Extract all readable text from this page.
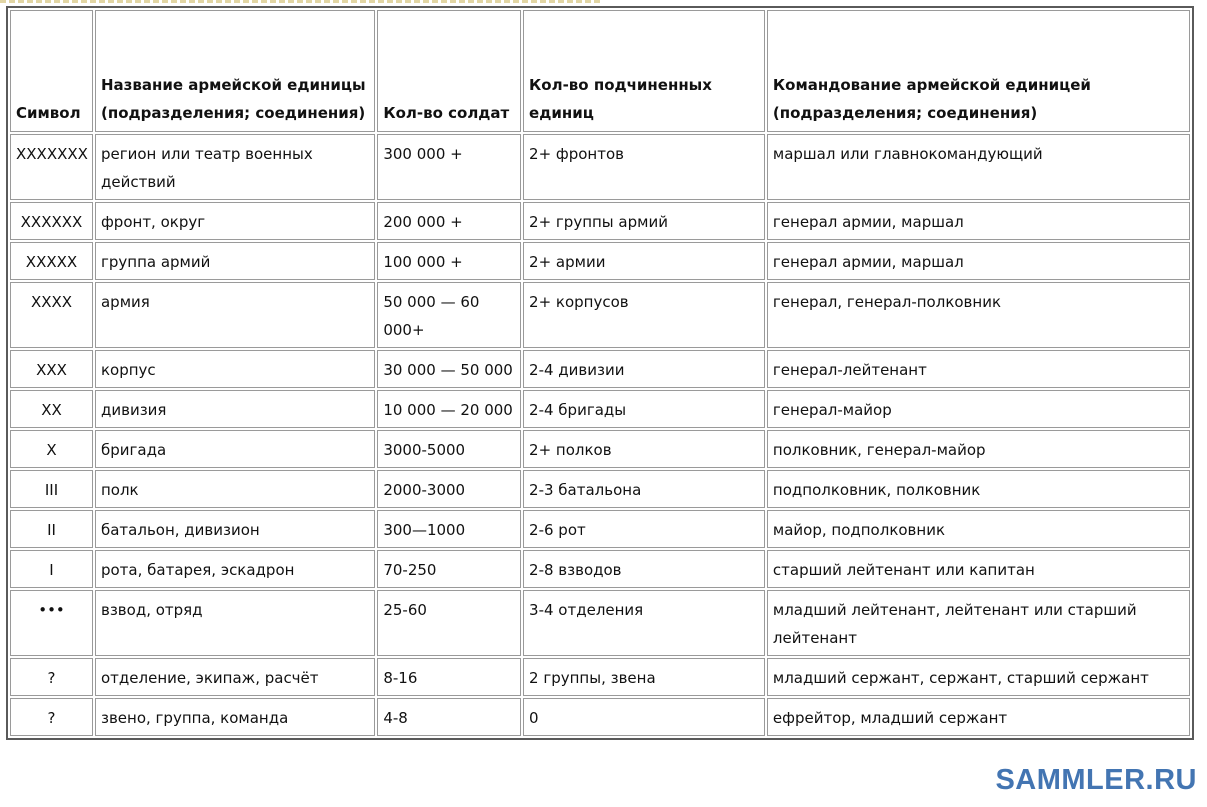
Символ	Название армейской единицы (подразделения; соединения)	Кол-во солдат	Кол-во подчиненных единиц	Командование армейской единицей (подразделения; соединения)
XXXXXXX	регион или театр военных действий	300 000 +	2+ фронтов	маршал или главнокомандующий
XXXXXX	фронт, округ	200 000 +	2+ группы армий	генерал армии, маршал
XXXXX	группа армий	100 000 +	2+ армии	генерал армии, маршал
XXXX	армия	50 000 — 60 000+	2+ корпусов	генерал, генерал-полковник
XXX	корпус	30 000 — 50 000	2-4 дивизии	генерал-лейтенант
XX	дивизия	10 000 — 20 000	2-4 бригады	генерал-майор
X	бригада	3000-5000	2+ полков	полковник, генерал-майор
III	полк	2000-3000	2-3 батальона	подполковник, полковник
II	батальон, дивизион	300—1000	2-6 рот	майор, подполковник
I	рота, батарея, эскадрон	70-250	2-8 взводов	старший лейтенант или капитан
•••	взвод, отряд	25-60	3-4 отделения	младший лейтенант, лейтенант или старший лейтенант
?	отделение, экипаж, расчёт	8-16	2 группы, звена	младший сержант, сержант, старший сержант
?	звено, группа, команда	4-8	0	ефрейтор, младший сержант
SAMMLER.RU
